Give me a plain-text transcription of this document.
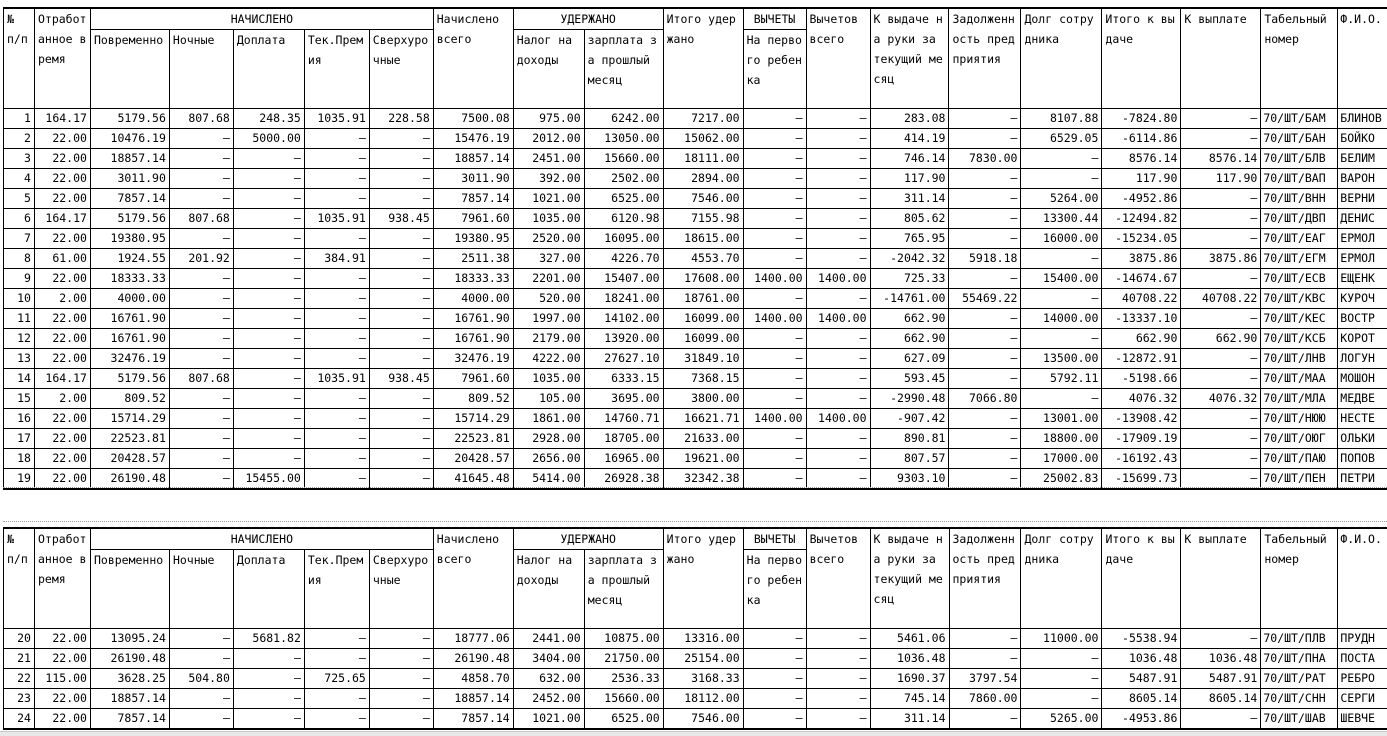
№ п/п	Отработанное время	НАЧИСЛЕНО					Начислено всего	УДЕРЖАНО		Итого удержано	ВЫЧЕТЫ	Вычетов всего	К выдаче на руки за текущий месяц	Задолженность предприятия	Долг сотрудника	Итого к выдаче	К выплате	Табельный номер	Ф.И.О.
		Повременно	Ночные	Доплата	Тек.Премия	Сверхурочные		Налог на доходы	зарплата за прошлый месяц		На первого ребенка								
1	164.17	5179.56	807.68	248.35	1035.91	228.58	7500.08	975.00	6242.00	7217.00	–	–	283.08	–	8107.88	-7824.80	–	70/ШТ/БАМ	БЛИНОВ
2	22.00	10476.19	–	5000.00	–	–	15476.19	2012.00	13050.00	15062.00	–	–	414.19	–	6529.05	-6114.86	–	70/ШТ/БАН	БОЙКО
3	22.00	18857.14	–	–	–	–	18857.14	2451.00	15660.00	18111.00	–	–	746.14	7830.00	–	8576.14	8576.14	70/ШТ/БЛВ	БЕЛИМ
4	22.00	3011.90	–	–	–	–	3011.90	392.00	2502.00	2894.00	–	–	117.90	–	–	117.90	117.90	70/ШТ/ВАП	ВАРОН
5	22.00	7857.14	–	–	–	–	7857.14	1021.00	6525.00	7546.00	–	–	311.14	–	5264.00	-4952.86	–	70/ШТ/ВНН	ВЕРНИ
6	164.17	5179.56	807.68	–	1035.91	938.45	7961.60	1035.00	6120.98	7155.98	–	–	805.62	–	13300.44	-12494.82	–	70/ШТ/ДВП	ДЕНИС
7	22.00	19380.95	–	–	–	–	19380.95	2520.00	16095.00	18615.00	–	–	765.95	–	16000.00	-15234.05	–	70/ШТ/ЕАГ	ЕРМОЛ
8	61.00	1924.55	201.92	–	384.91	–	2511.38	327.00	4226.70	4553.70	–	–	-2042.32	5918.18	–	3875.86	3875.86	70/ШТ/ЕГМ	ЕРМОЛ
9	22.00	18333.33	–	–	–	–	18333.33	2201.00	15407.00	17608.00	1400.00	1400.00	725.33	–	15400.00	-14674.67	–	70/ШТ/ЕСВ	ЕЩЕНК
10	2.00	4000.00	–	–	–	–	4000.00	520.00	18241.00	18761.00	–	–	-14761.00	55469.22	–	40708.22	40708.22	70/ШТ/КВС	КУРОЧ
11	22.00	16761.90	–	–	–	–	16761.90	1997.00	14102.00	16099.00	1400.00	1400.00	662.90	–	14000.00	-13337.10	–	70/ШТ/КЕС	ВОСТР
12	22.00	16761.90	–	–	–	–	16761.90	2179.00	13920.00	16099.00	–	–	662.90	–	–	662.90	662.90	70/ШТ/КСБ	КОРОТ
13	22.00	32476.19	–	–	–	–	32476.19	4222.00	27627.10	31849.10	–	–	627.09	–	13500.00	-12872.91	–	70/ШТ/ЛНВ	ЛОГУН
14	164.17	5179.56	807.68	–	1035.91	938.45	7961.60	1035.00	6333.15	7368.15	–	–	593.45	–	5792.11	-5198.66	–	70/ШТ/МАА	МОШОН
15	2.00	809.52	–	–	–	–	809.52	105.00	3695.00	3800.00	–	–	-2990.48	7066.80	–	4076.32	4076.32	70/ШТ/МЛА	МЕДВЕ
16	22.00	15714.29	–	–	–	–	15714.29	1861.00	14760.71	16621.71	1400.00	1400.00	-907.42	–	13001.00	-13908.42	–	70/ШТ/НЮЮ	НЕСТЕ
17	22.00	22523.81	–	–	–	–	22523.81	2928.00	18705.00	21633.00	–	–	890.81	–	18800.00	-17909.19	–	70/ШТ/ОЮГ	ОЛЬКИ
18	22.00	20428.57	–	–	–	–	20428.57	2656.00	16965.00	19621.00	–	–	807.57	–	17000.00	-16192.43	–	70/ШТ/ПАЮ	ПОПОВ
19	22.00	26190.48	–	15455.00	–	–	41645.48	5414.00	26928.38	32342.38	–	–	9303.10	–	25002.83	-15699.73	–	70/ШТ/ПЕН	ПЕТРИ
№ п/п	Отработанное время	НАЧИСЛЕНО					Начислено всего	УДЕРЖАНО		Итого удержано	ВЫЧЕТЫ	Вычетов всего	К выдаче на руки за текущий месяц	Задолженность предприятия	Долг сотрудника	Итого к выдаче	К выплате	Табельный номер	Ф.И.О.
		Повременно	Ночные	Доплата	Тек.Премия	Сверхурочные		Налог на доходы	зарплата за прошлый месяц		На первого ребенка								
20	22.00	13095.24	–	5681.82	–	–	18777.06	2441.00	10875.00	13316.00	–	–	5461.06	–	11000.00	-5538.94	–	70/ШТ/ПЛВ	ПРУДН
21	22.00	26190.48	–	–	–	–	26190.48	3404.00	21750.00	25154.00	–	–	1036.48	–	–	1036.48	1036.48	70/ШТ/ПНА	ПОСТА
22	115.00	3628.25	504.80	–	725.65	–	4858.70	632.00	2536.33	3168.33	–	–	1690.37	3797.54	–	5487.91	5487.91	70/ШТ/РАТ	РЕБРО
23	22.00	18857.14	–	–	–	–	18857.14	2452.00	15660.00	18112.00	–	–	745.14	7860.00	–	8605.14	8605.14	70/ШТ/СНН	СЕРГИ
24	22.00	7857.14	–	–	–	–	7857.14	1021.00	6525.00	7546.00	–	–	311.14	–	5265.00	-4953.86	–	70/ШТ/ШАВ	ШЕВЧЕ
